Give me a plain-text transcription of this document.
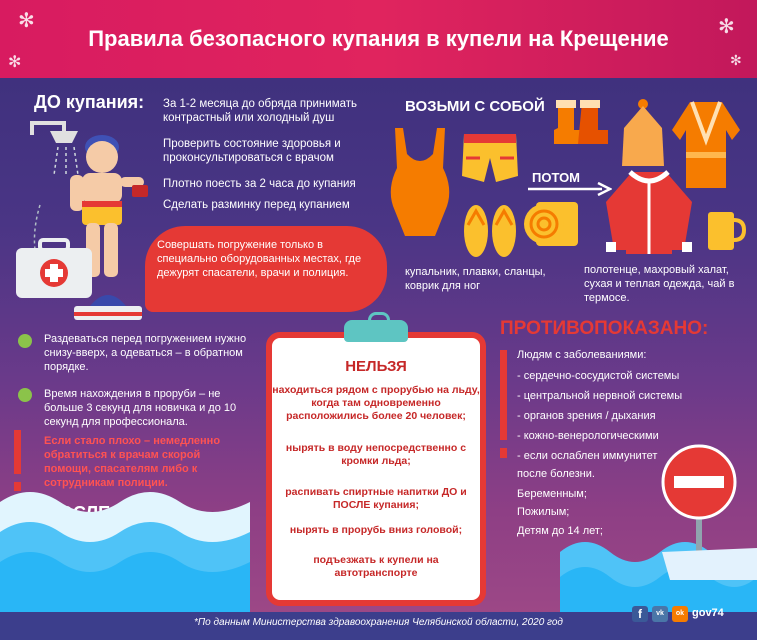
Правила безопасного купания в купели на Крещение
✻
✻
✻
✻
ДО купания: За 1-2 месяца до обряда принимать контрастный или холодный душ
Проверить состояние здоровья и проконсультироваться с врачом
Плотно поесть за 2 часа до купания
Сделать разминку перед купанием
Совершать погружение только в специально оборудованных местах, где дежурят спасатели, врачи и полиция.
ВОЗЬМИ С СОБОЙ
ПОТОМ
купальник, плавки, сланцы, коврик для ног
полотенце, махровый халат, сухая и теплая одежда, чай в термосе.
Раздеваться перед погружением нужно снизу-вверх, а одеваться – в обратном порядке.
Время нахождения в проруби – не больше 3 секунд для новичка и до 10 секунд для профессионала.
Если стало плохо – немедленно обратиться к врачам скорой помощи, спасателям либо к сотрудникам полиции.
НЕЛЬЗЯ
находиться рядом с прорубью на льду, когда там одновременно расположились более 20 человек;
нырять в воду непосредственно с кромки льда;
распивать спиртные напитки ДО и ПОСЛЕ купания;
нырять в прорубь вниз головой;
подъезжать к купели на автотранспорте
ПРОТИВОПОКАЗАНО:
Людям с заболеваниями:
- сердечно-сосудистой системы
- центральной нервной системы
- органов зрения / дыхания
- кожно-венерологическими
- если ослаблен иммунитет
после болезни.
Беременным;
Пожилым;
Детям до 14 лет;
*По данным Министерства здравоохранения Челябинской области, 2020 год
f	vk	ok gov74
